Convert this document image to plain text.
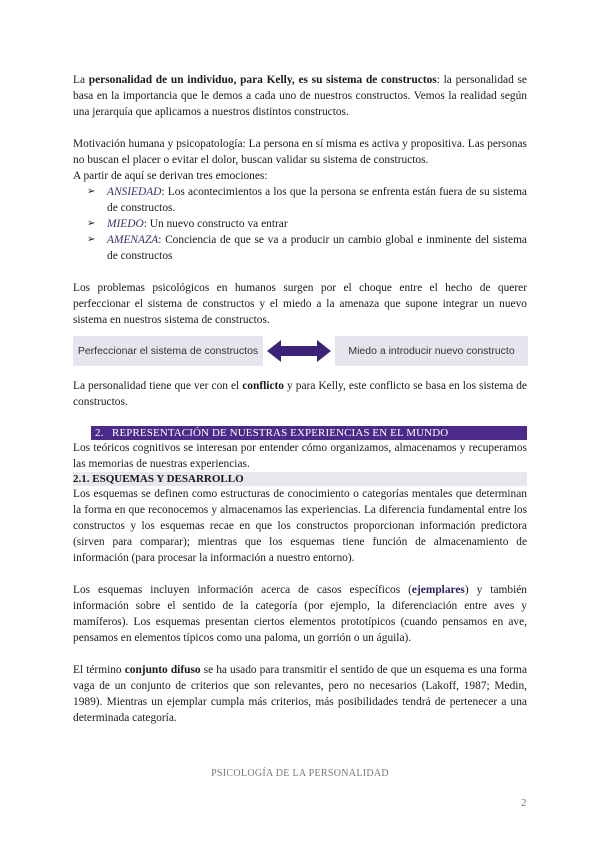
La personalidad de un individuo, para Kelly, es su sistema de constructos: la personalidad se basa en la importancia que le demos a cada uno de nuestros constructos. Vemos la realidad según una jerarquía que aplicamos a nuestros distintos constructos.

Motivación humana y psicopatología: La persona en sí misma es activa y propositiva. Las personas no buscan el placer o evitar el dolor, buscan validar su sistema de constructos.

A partir de aquí se derivan tres emociones:

➢ ANSIEDAD: Los acontecimientos a los que la persona se enfrenta están fuera de su sistema de constructos.
➢ MIEDO: Un nuevo constructo va entrar
➢ AMENAZA: Conciencia de que se va a producir un cambio global e inminente del sistema de constructos

Los problemas psicológicos en humanos surgen por el choque entre el hecho de querer perfeccionar el sistema de constructos y el miedo a la amenaza que supone integrar un nuevo sistema en nuestros sistema de constructos.

Perfeccionar el sistema de constructos	Miedo a introducir nuevo constructo

La personalidad tiene que ver con el conflicto y para Kelly, este conflicto se basa en los sistema de constructos.

2. REPRESENTACIÓN DE NUESTRAS EXPERIENCIAS EN EL MUNDO

Los teóricos cognitivos se interesan por entender cómo organizamos, almacenamos y recuperamos las memorias de nuestras experiencias.

2.1. ESQUEMAS Y DESARROLLO

Los esquemas se definen como estructuras de conocimiento o categorías mentales que determinan la forma en que reconocemos y almacenamos las experiencias. La diferencia fundamental entre los constructos y los esquemas recae en que los constructos proporcionan información predictora (sirven para comparar); mientras que los esquemas tiene función de almacenamiento de información (para procesar la información a nuestro entorno).

Los esquemas incluyen información acerca de casos específicos (ejemplares) y también información sobre el sentido de la categoría (por ejemplo, la diferenciación entre aves y mamíferos). Los esquemas presentan ciertos elementos prototípicos (cuando pensamos en ave, pensamos en elementos típicos como una paloma, un gorrión o un águila).

El término conjunto difuso se ha usado para transmitir el sentido de que un esquema es una forma vaga de un conjunto de criterios que son relevantes, pero no necesarios (Lakoff, 1987; Medin, 1989). Mientras un ejemplar cumpla más criterios, más posibilidades tendrá de pertenecer a una determinada categoría.

PSICOLOGÍA DE LA PERSONALIDAD
2
